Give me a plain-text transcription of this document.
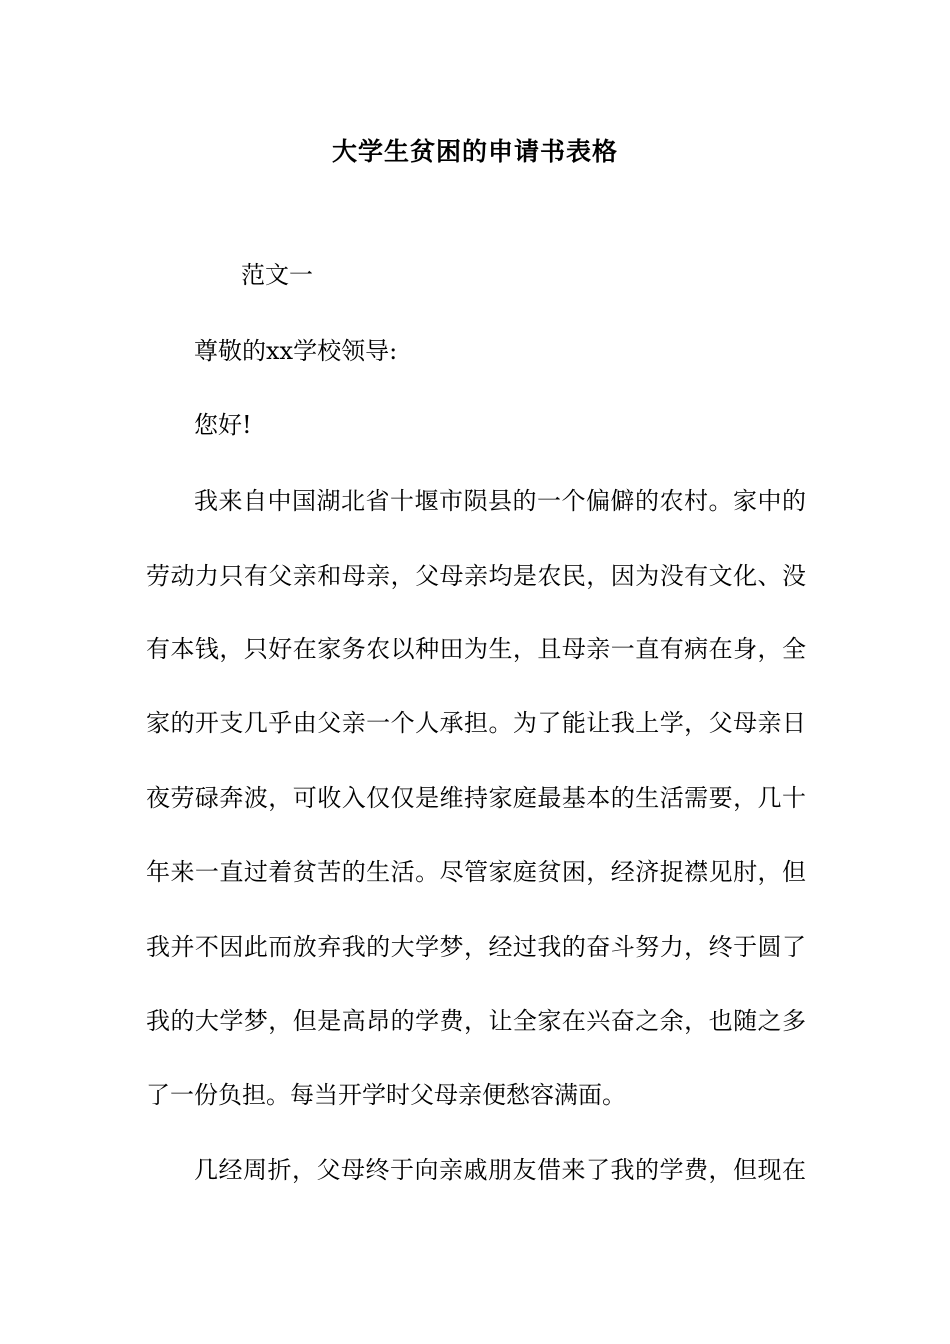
大学生贫困的申请书表格
范文一
尊敬的xx学校领导:
您好!
我来自中国湖北省十堰市陨县的一个偏僻的农村。家中的
劳动力只有父亲和母亲，父母亲均是农民，因为没有文化、没
有本钱，只好在家务农以种田为生，且母亲一直有病在身，全
家的开支几乎由父亲一个人承担。为了能让我上学，父母亲日
夜劳碌奔波，可收入仅仅是维持家庭最基本的生活需要，几十
年来一直过着贫苦的生活。尽管家庭贫困，经济捉襟见肘，但
我并不因此而放弃我的大学梦，经过我的奋斗努力，终于圆了
我的大学梦，但是高昂的学费，让全家在兴奋之余，也随之多
了一份负担。每当开学时父母亲便愁容满面。
几经周折，父母终于向亲戚朋友借来了我的学费，但现在
